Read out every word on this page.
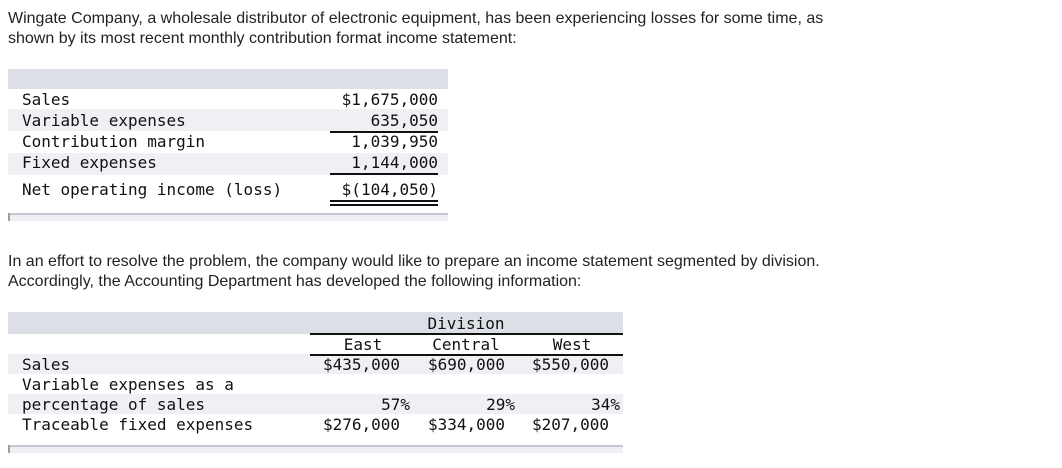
Wingate Company, a wholesale distributor of electronic equipment, has been experiencing losses for some time, as
shown by its most recent monthly contribution format income statement:
Sales	$1,675,000
Variable expenses	635,050
Contribution margin	1,039,950
Fixed expenses	1,144,000
Net operating income (loss)	$(104,050)
In an effort to resolve the problem, the company would like to prepare an income statement segmented by division.
Accordingly, the Accounting Department has developed the following information:
Division
East	Central	West
Sales	$435,000 $690,000 $550,000
Variable expenses as a
percentage of sales	57%	29%	34%
Traceable fixed expenses	$276,000 $334,000 $207,000
